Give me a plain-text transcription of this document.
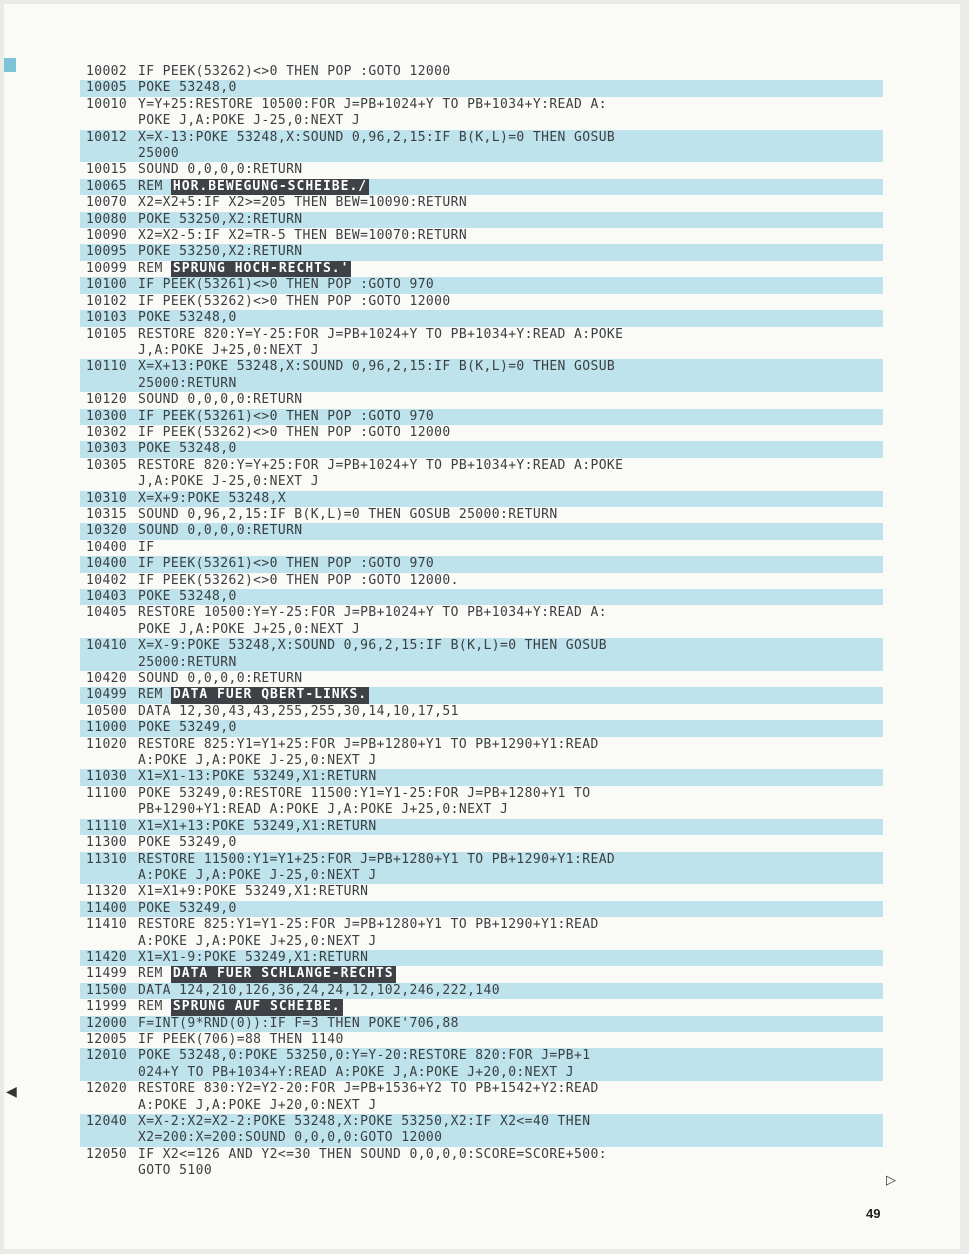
◀
10002 IF PEEK(53262)<>0 THEN POP :GOTO 12000
10005 POKE 53248,0
10010 Y=Y+25:RESTORE 10500:FOR J=PB+1024+Y TO PB+1034+Y:READ A:
POKE J,A:POKE J-25,0:NEXT J
10012 X=X-13:POKE 53248,X:SOUND 0,96,2,15:IF B(K,L)=0 THEN GOSUB
25000
10015 SOUND 0,0,0,0:RETURN
10065 REM HOR.BEWEGUNG-SCHEIBE./
10070 X2=X2+5:IF X2>=205 THEN BEW=10090:RETURN
10080 POKE 53250,X2:RETURN
10090 X2=X2-5:IF X2=TR-5 THEN BEW=10070:RETURN
10095 POKE 53250,X2:RETURN
10099 REM SPRUNG HOCH-RECHTS.'
10100 IF PEEK(53261)<>0 THEN POP :GOTO 970
10102 IF PEEK(53262)<>0 THEN POP :GOTO 12000
10103 POKE 53248,0
10105 RESTORE 820:Y=Y-25:FOR J=PB+1024+Y TO PB+1034+Y:READ A:POKE
J,A:POKE J+25,0:NEXT J
10110 X=X+13:POKE 53248,X:SOUND 0,96,2,15:IF B(K,L)=0 THEN GOSUB
25000:RETURN
10120 SOUND 0,0,0,0:RETURN
10300 IF PEEK(53261)<>0 THEN POP :GOTO 970
10302 IF PEEK(53262)<>0 THEN POP :GOTO 12000
10303 POKE 53248,0
10305 RESTORE 820:Y=Y+25:FOR J=PB+1024+Y TO PB+1034+Y:READ A:POKE
J,A:POKE J-25,0:NEXT J
10310 X=X+9:POKE 53248,X
10315 SOUND 0,96,2,15:IF B(K,L)=0 THEN GOSUB 25000:RETURN
10320 SOUND 0,0,0,0:RETURN
10400 IF
10400 IF PEEK(53261)<>0 THEN POP :GOTO 970
10402 IF PEEK(53262)<>0 THEN POP :GOTO 12000.
10403 POKE 53248,0
10405 RESTORE 10500:Y=Y-25:FOR J=PB+1024+Y TO PB+1034+Y:READ A:
POKE J,A:POKE J+25,0:NEXT J
10410 X=X-9:POKE 53248,X:SOUND 0,96,2,15:IF B(K,L)=0 THEN GOSUB
25000:RETURN
10420 SOUND 0,0,0,0:RETURN
10499 REM DATA FUER QBERT-LINKS.
10500 DATA 12,30,43,43,255,255,30,14,10,17,51
11000 POKE 53249,0
11020 RESTORE 825:Y1=Y1+25:FOR J=PB+1280+Y1 TO PB+1290+Y1:READ
A:POKE J,A:POKE J-25,0:NEXT J
11030 X1=X1-13:POKE 53249,X1:RETURN
11100 POKE 53249,0:RESTORE 11500:Y1=Y1-25:FOR J=PB+1280+Y1 TO
PB+1290+Y1:READ A:POKE J,A:POKE J+25,0:NEXT J
11110 X1=X1+13:POKE 53249,X1:RETURN
11300 POKE 53249,0
11310 RESTORE 11500:Y1=Y1+25:FOR J=PB+1280+Y1 TO PB+1290+Y1:READ
A:POKE J,A:POKE J-25,0:NEXT J
11320 X1=X1+9:POKE 53249,X1:RETURN
11400 POKE 53249,0
11410 RESTORE 825:Y1=Y1-25:FOR J=PB+1280+Y1 TO PB+1290+Y1:READ
A:POKE J,A:POKE J+25,0:NEXT J
11420 X1=X1-9:POKE 53249,X1:RETURN
11499 REM DATA FUER SCHLANGE-RECHTS
11500 DATA 124,210,126,36,24,24,12,102,246,222,140
11999 REM SPRUNG AUF SCHEIBE.
12000 F=INT(9*RND(0)):IF F=3 THEN POKE'706,88
12005 IF PEEK(706)=88 THEN 1140
12010 POKE 53248,0:POKE 53250,0:Y=Y-20:RESTORE 820:FOR J=PB+1
024+Y TO PB+1034+Y:READ A:POKE J,A:POKE J+20,0:NEXT J
12020 RESTORE 830:Y2=Y2-20:FOR J=PB+1536+Y2 TO PB+1542+Y2:READ
A:POKE J,A:POKE J+20,0:NEXT J
12040 X=X-2:X2=X2-2:POKE 53248,X:POKE 53250,X2:IF X2<=40 THEN
X2=200:X=200:SOUND 0,0,0,0:GOTO 12000
12050 IF X2<=126 AND Y2<=30 THEN SOUND 0,0,0,0:SCORE=SCORE+500:
GOTO 5100
▷
49
